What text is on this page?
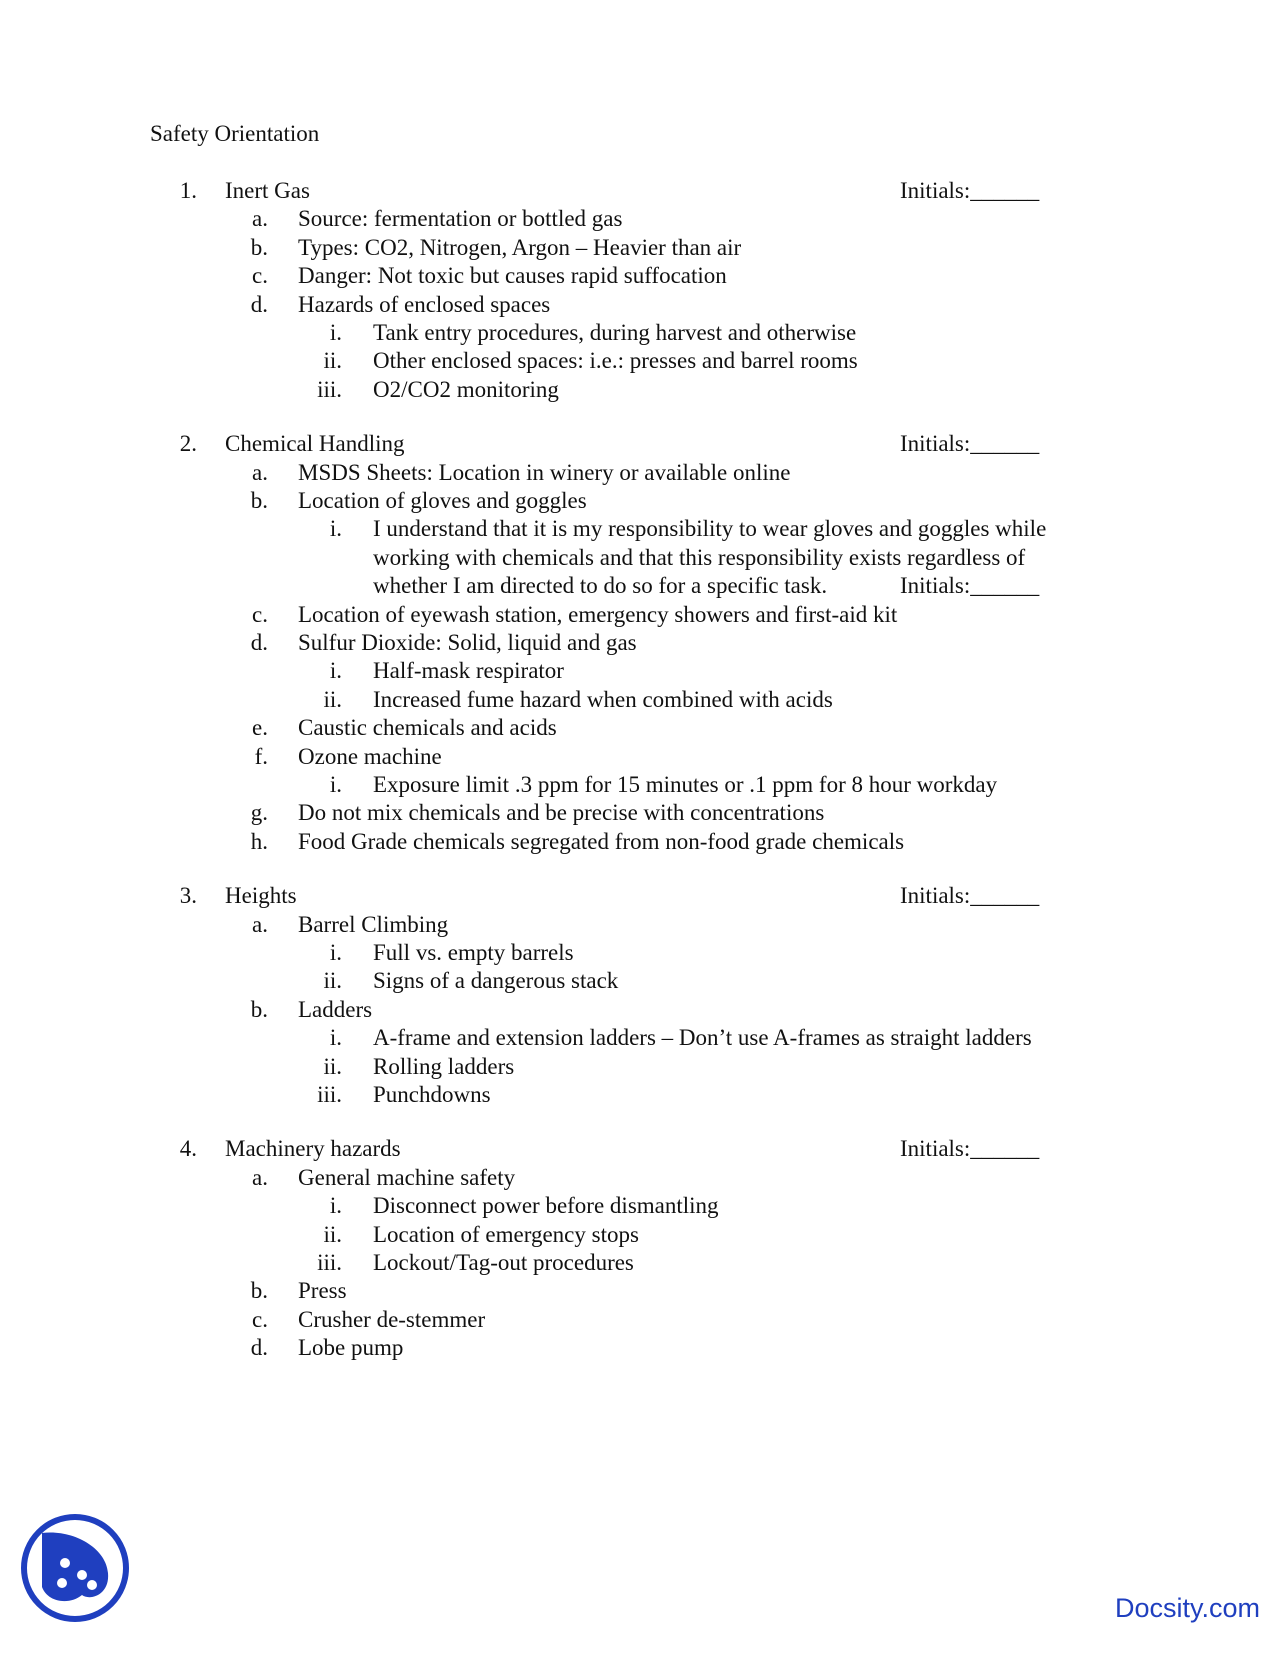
Safety Orientation
1. Inert Gas	Initials:______
a. Source: fermentation or bottled gas
b. Types: CO2, Nitrogen, Argon – Heavier than air
c. Danger: Not toxic but causes rapid suffocation
d. Hazards of enclosed spaces
i. Tank entry procedures, during harvest and otherwise
ii. Other enclosed spaces: i.e.: presses and barrel rooms
iii. O2/CO2 monitoring
2. Chemical Handling	Initials:______
a. MSDS Sheets: Location in winery or available online
b. Location of gloves and goggles
i. I understand that it is my responsibility to wear gloves and goggles while
working with chemicals and that this responsibility exists regardless of
whether I am directed to do so for a specific task.	Initials:______
c. Location of eyewash station, emergency showers and first-aid kit
d. Sulfur Dioxide: Solid, liquid and gas
i. Half-mask respirator
ii. Increased fume hazard when combined with acids
e. Caustic chemicals and acids
f. Ozone machine
i. Exposure limit .3 ppm for 15 minutes or .1 ppm for 8 hour workday
g. Do not mix chemicals and be precise with concentrations
h. Food Grade chemicals segregated from non-food grade chemicals
3. Heights	Initials:______
a. Barrel Climbing
i. Full vs. empty barrels
ii. Signs of a dangerous stack
b. Ladders
i. A-frame and extension ladders – Don’t use A-frames as straight ladders
ii. Rolling ladders
iii. Punchdowns
4. Machinery hazards	Initials:______
a. General machine safety
i. Disconnect power before dismantling
ii. Location of emergency stops
iii. Lockout/Tag-out procedures
b. Press
c. Crusher de-stemmer
d. Lobe pump
Docsity.com
